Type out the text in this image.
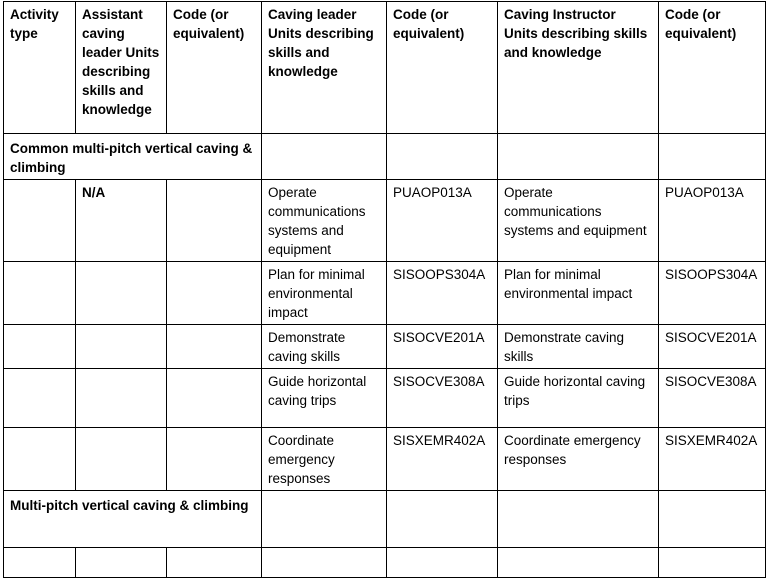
Activity type	Assistant caving leader Units describing skills and knowledge	Code (or equivalent)	Caving leader Units describing skills and knowledge	Code (or equivalent)	Caving Instructor Units describing skills and knowledge	Code (or equivalent)
Common multi-pitch vertical caving & climbing						
	N/A		Operate communications systems and equipment	PUAOP013A	Operate communications systems and equipment	PUAOP013A
			Plan for minimal environmental impact	SISOOPS304A	Plan for minimal environmental impact	SISOOPS304A
			Demonstrate caving skills	SISOCVE201A	Demonstrate caving skills	SISOCVE201A
			Guide horizontal caving trips	SISOCVE308A	Guide horizontal caving trips	SISOCVE308A
			Coordinate emergency responses	SISXEMR402A	Coordinate emergency responses	SISXEMR402A
Multi-pitch vertical caving & climbing						
